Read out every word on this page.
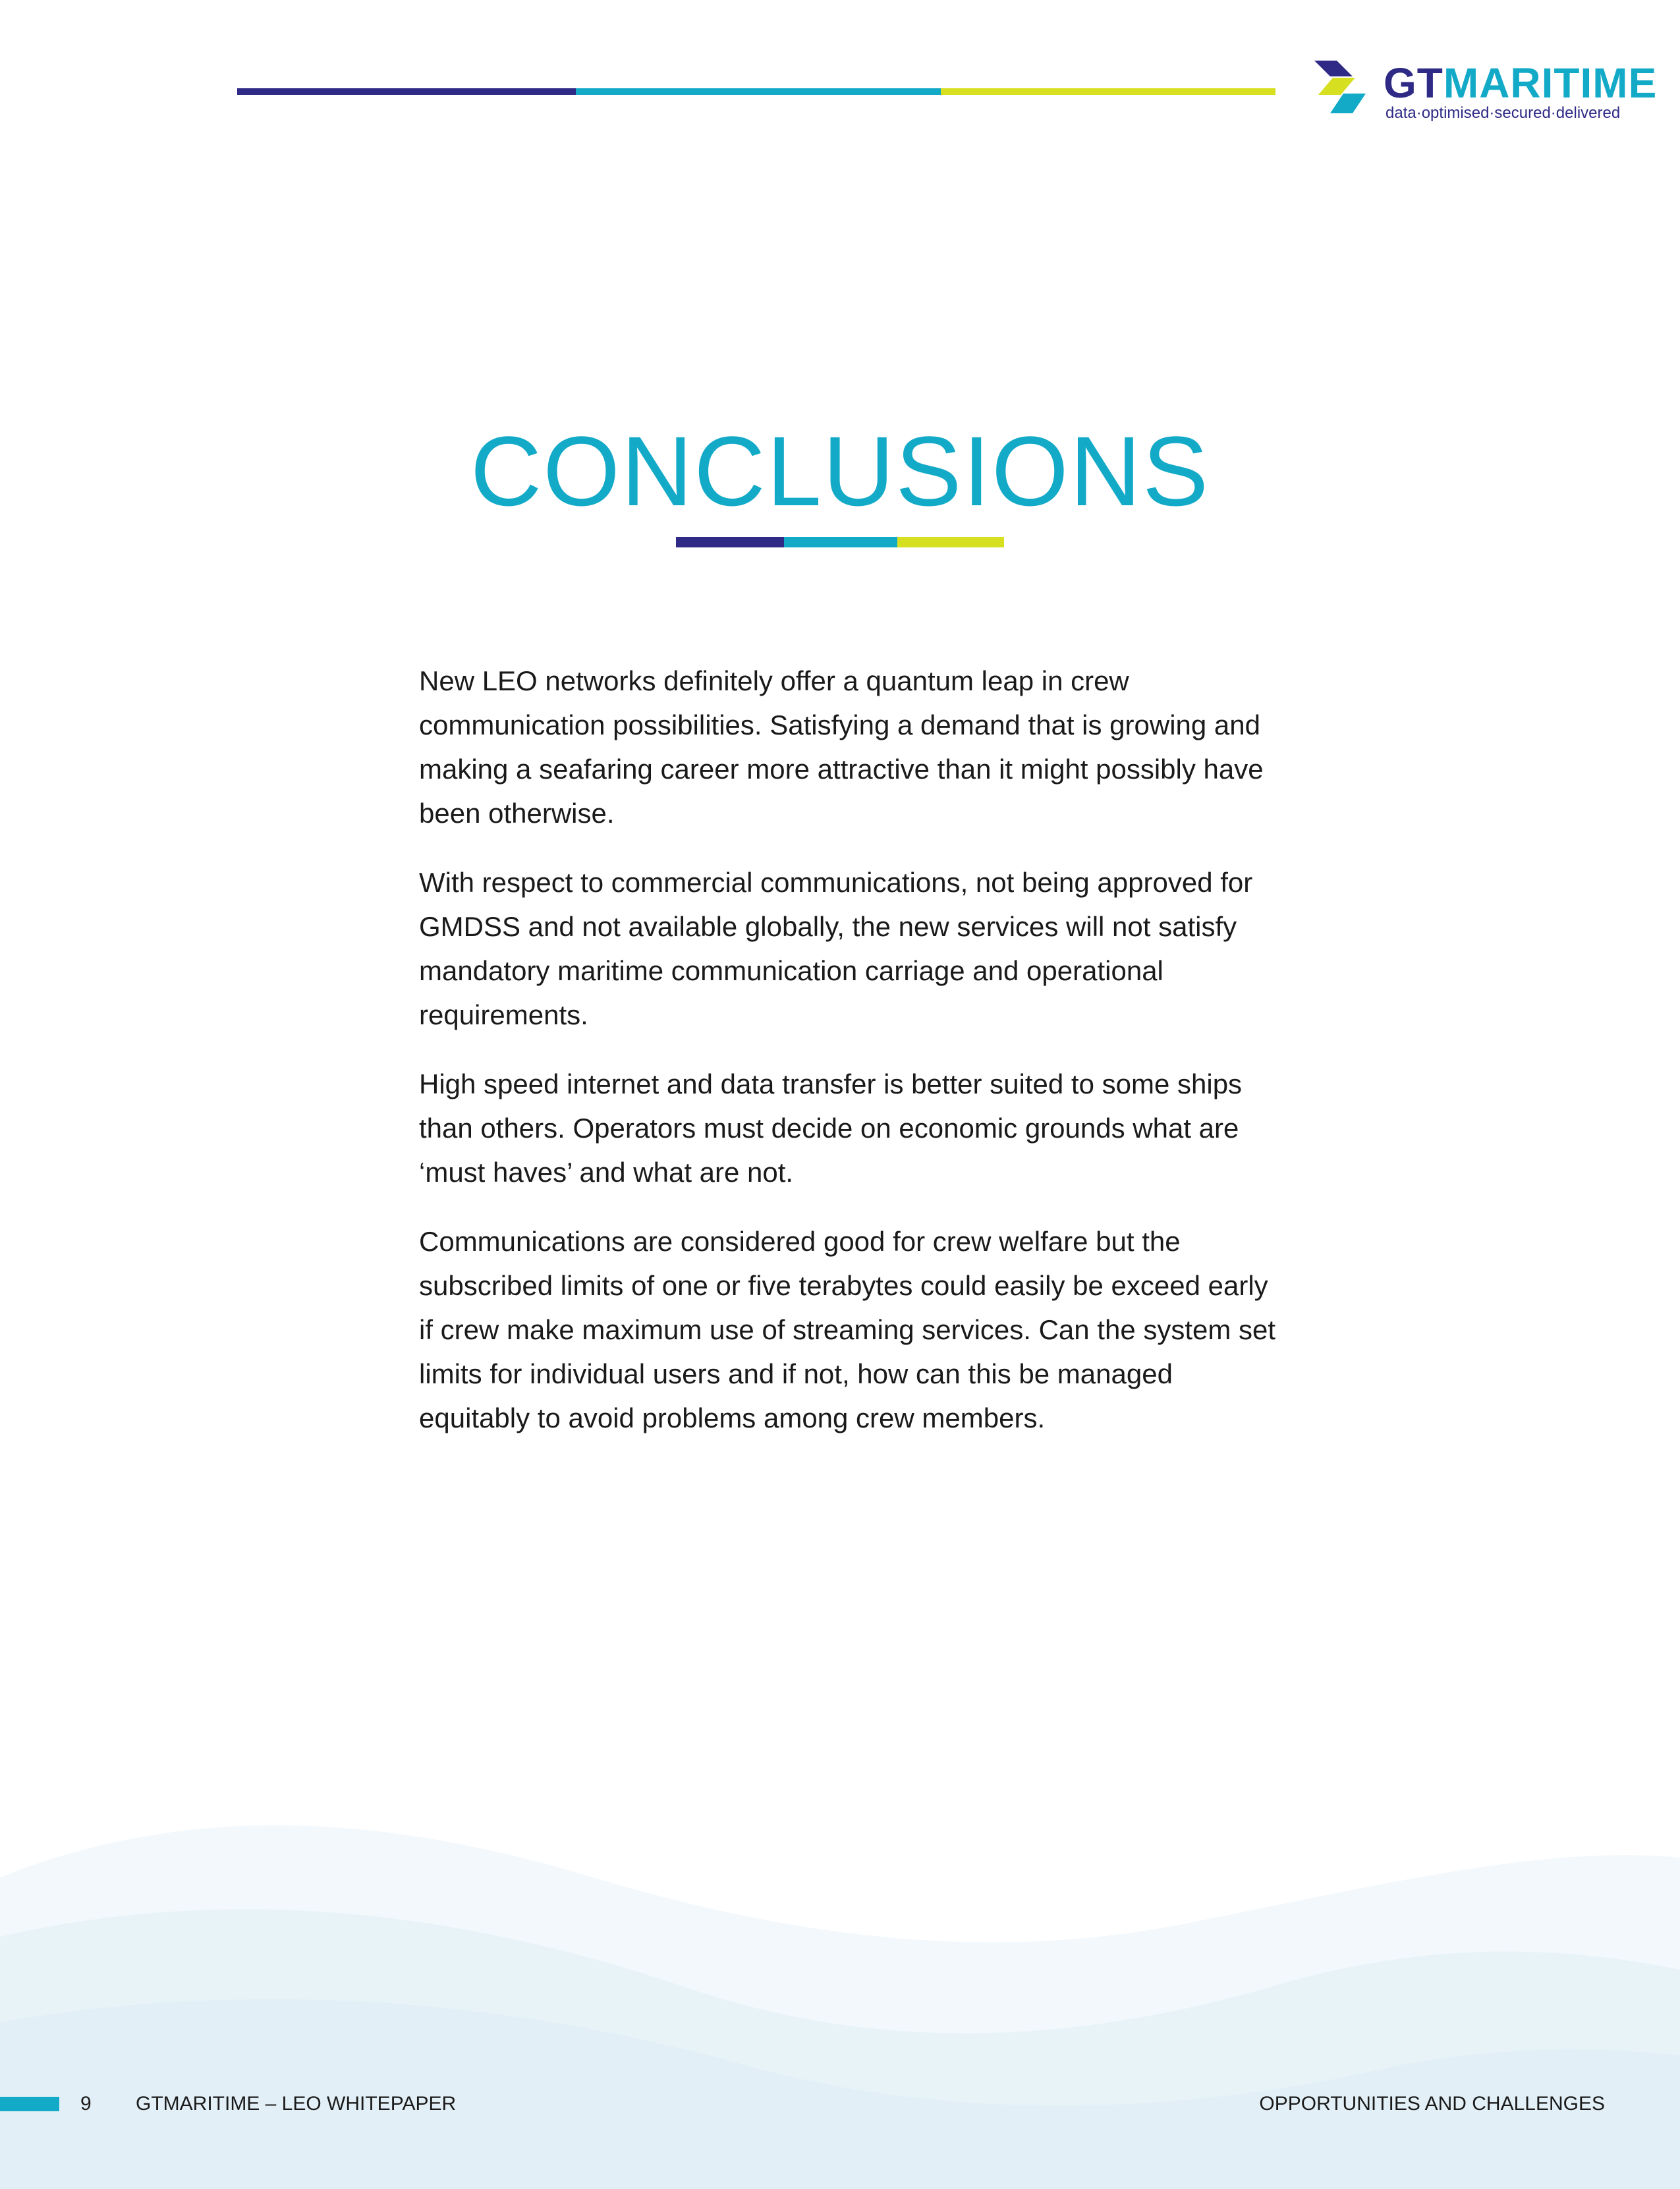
GTMARITIME
data·optimised·secured·delivered
CONCLUSIONS

New LEO networks definitely offer a quantum leap in crew communication possibilities. Satisfying a demand that is growing and making a seafaring career more attractive than it might possibly have been otherwise.

With respect to commercial communications, not being approved for GMDSS and not available globally, the new services will not satisfy mandatory maritime communication carriage and operational requirements.

High speed internet and data transfer is better suited to some ships than others. Operators must decide on economic grounds what are ‘must haves’ and what are not.

Communications are considered good for crew welfare but the subscribed limits of one or five terabytes could easily be exceed early if crew make maximum use of streaming services. Can the system set limits for individual users and if not, how can this be managed equitably to avoid problems among crew members.

9 GTMARITIME – LEO WHITEPAPER	OPPORTUNITIES AND CHALLENGES
